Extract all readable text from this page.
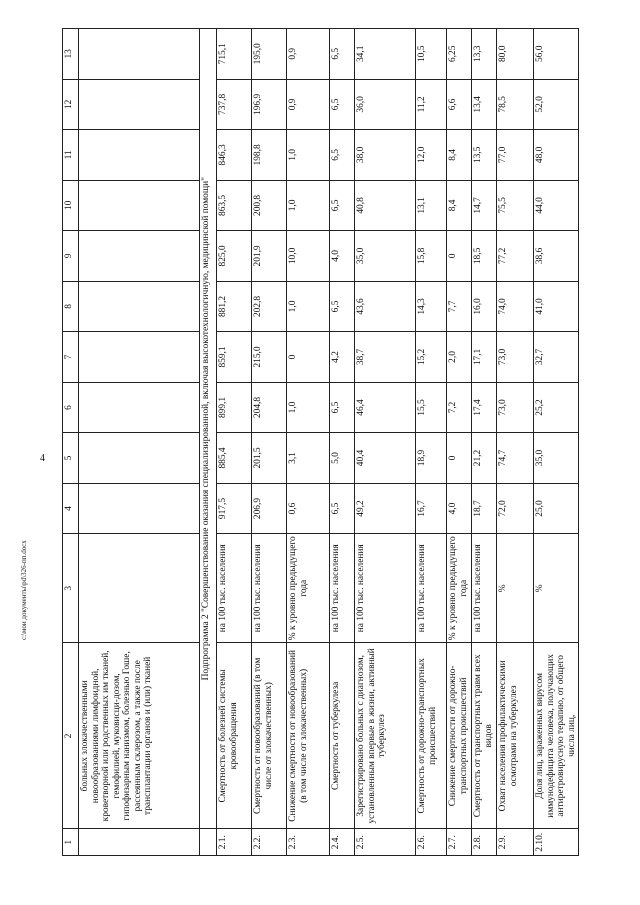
4
1	2	3	4	5	6	7	8	9	10	11	12	13
	больных злокачественными новообразованиями лимфоидной, кроветворной или родственных им тканей, гемофилией, муковисци-дозом, гипофизарным нанизмом, болезнью Гоше, рассеянным склерозом, а также после трансплантации органов и (или) тканей											
	Подпрограмма 2 "Совершенствование оказания специализированной, включая высокотехнологичную, медицинской помощи"											
2.1.	Смертность от болезней системы кровообращения	на 100 тыс. населения	917,5	885,4	899,1	859,1	881,2	825,0	863,5	846,3	737,8	715,1
2.2.	Смертность от новообразований (в том числе от злокачественных)	на 100 тыс. населения	206,9	201,5	204,8	215,0	202,8	201,9	200,8	198,8	196,9	195,0
2.3.	Снижение смертности от новообразований (в том числе от злокачественных)	% к уровню предыдущего года	0,6	3,1	1,0	0	1,0	10,0	1,0	1,0	0,9	0,9
2.4.	Смертность от туберкулеза	на 100 тыс. населения	6,5	5,0	6,5	4,2	6,5	4,0	6,5	6,5	6,5	6,5
2.5.	Зарегистрировано больных с диагнозом, установленным впервые в жизни, активный туберкулез	на 100 тыс. населения	49,2	40,4	46,4	38,7	43,6	35,0	40,8	38,0	36,0	34,1
2.6.	Смертность от дорожно-транспортных происшествий	на 100 тыс. населения	16,7	18,9	15,5	15,2	14,3	15,8	13,1	12,0	11,2	10,5
2.7.	Снижение смертности от дорожно-транспортных происшествий	% к уровню предыдущего года	4,0	0	7,2	2,0	7,7	0	8,4	8,4	6,6	6,25
2.8.	Смертность от транспортных травм всех видов	на 100 тыс. населения	18,7	21,2	17,4	17,1	16,0	18,5	14,7	13,5	13,4	13,3
2.9.	Охват населения профилактическими осмотрами на туберкулез	%	72,0	74,7	73,0	73,0	74,0	77,2	75,5	77,0	78,5	80,0
2.10.	Доля лиц, зараженных вирусом иммунодефицита человека, получающих антиретровирусную терапию, от общего числа лиц,	%	25,0	35,0	25,2	32,7	41,0	38,6	44,0	48,0	52,0	56,0
c:\мои документы\pd\326-пп.docx
